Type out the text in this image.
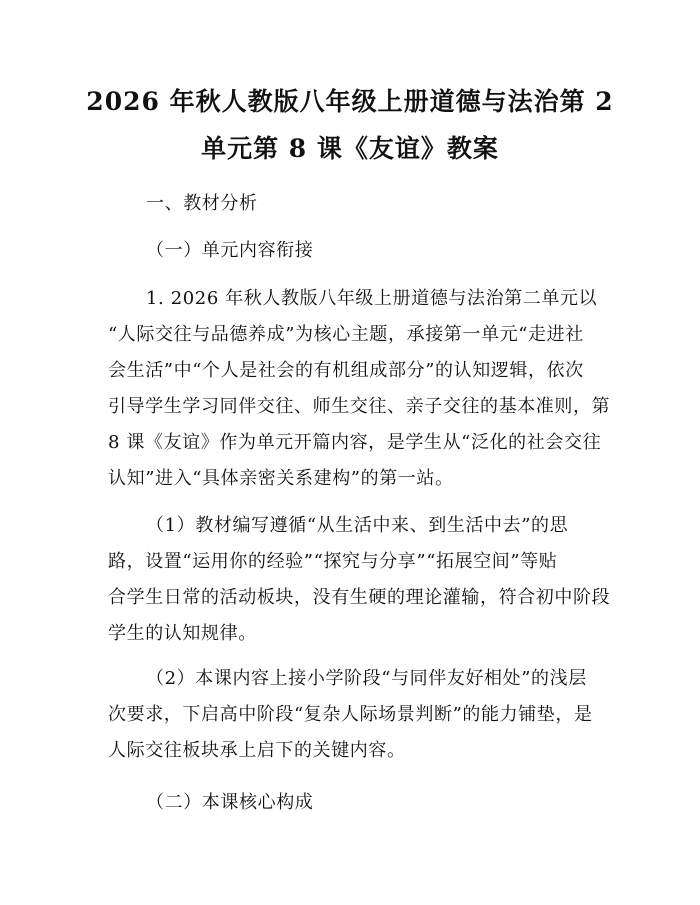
2026 年秋人教版八年级上册道德与法治第 2
单元第 8 课《友谊》教案
一、教材分析
（一）单元内容衔接
1. 2026 年秋人教版八年级上册道德与法治第二单元以
“人际交往与品德养成”为核心主题，承接第一单元“走进社
会生活”中“个人是社会的有机组成部分”的认知逻辑，依次
引导学生学习同伴交往、师生交往、亲子交往的基本准则，第
8 课《友谊》作为单元开篇内容，是学生从“泛化的社会交往
认知”进入“具体亲密关系建构”的第一站。
（1）教材编写遵循“从生活中来、到生活中去”的思
路，设置“运用你的经验”“探究与分享”“拓展空间”等贴
合学生日常的活动板块，没有生硬的理论灌输，符合初中阶段
学生的认知规律。
（2）本课内容上接小学阶段“与同伴友好相处”的浅层
次要求，下启高中阶段“复杂人际场景判断”的能力铺垫，是
人际交往板块承上启下的关键内容。
（二）本课核心构成
